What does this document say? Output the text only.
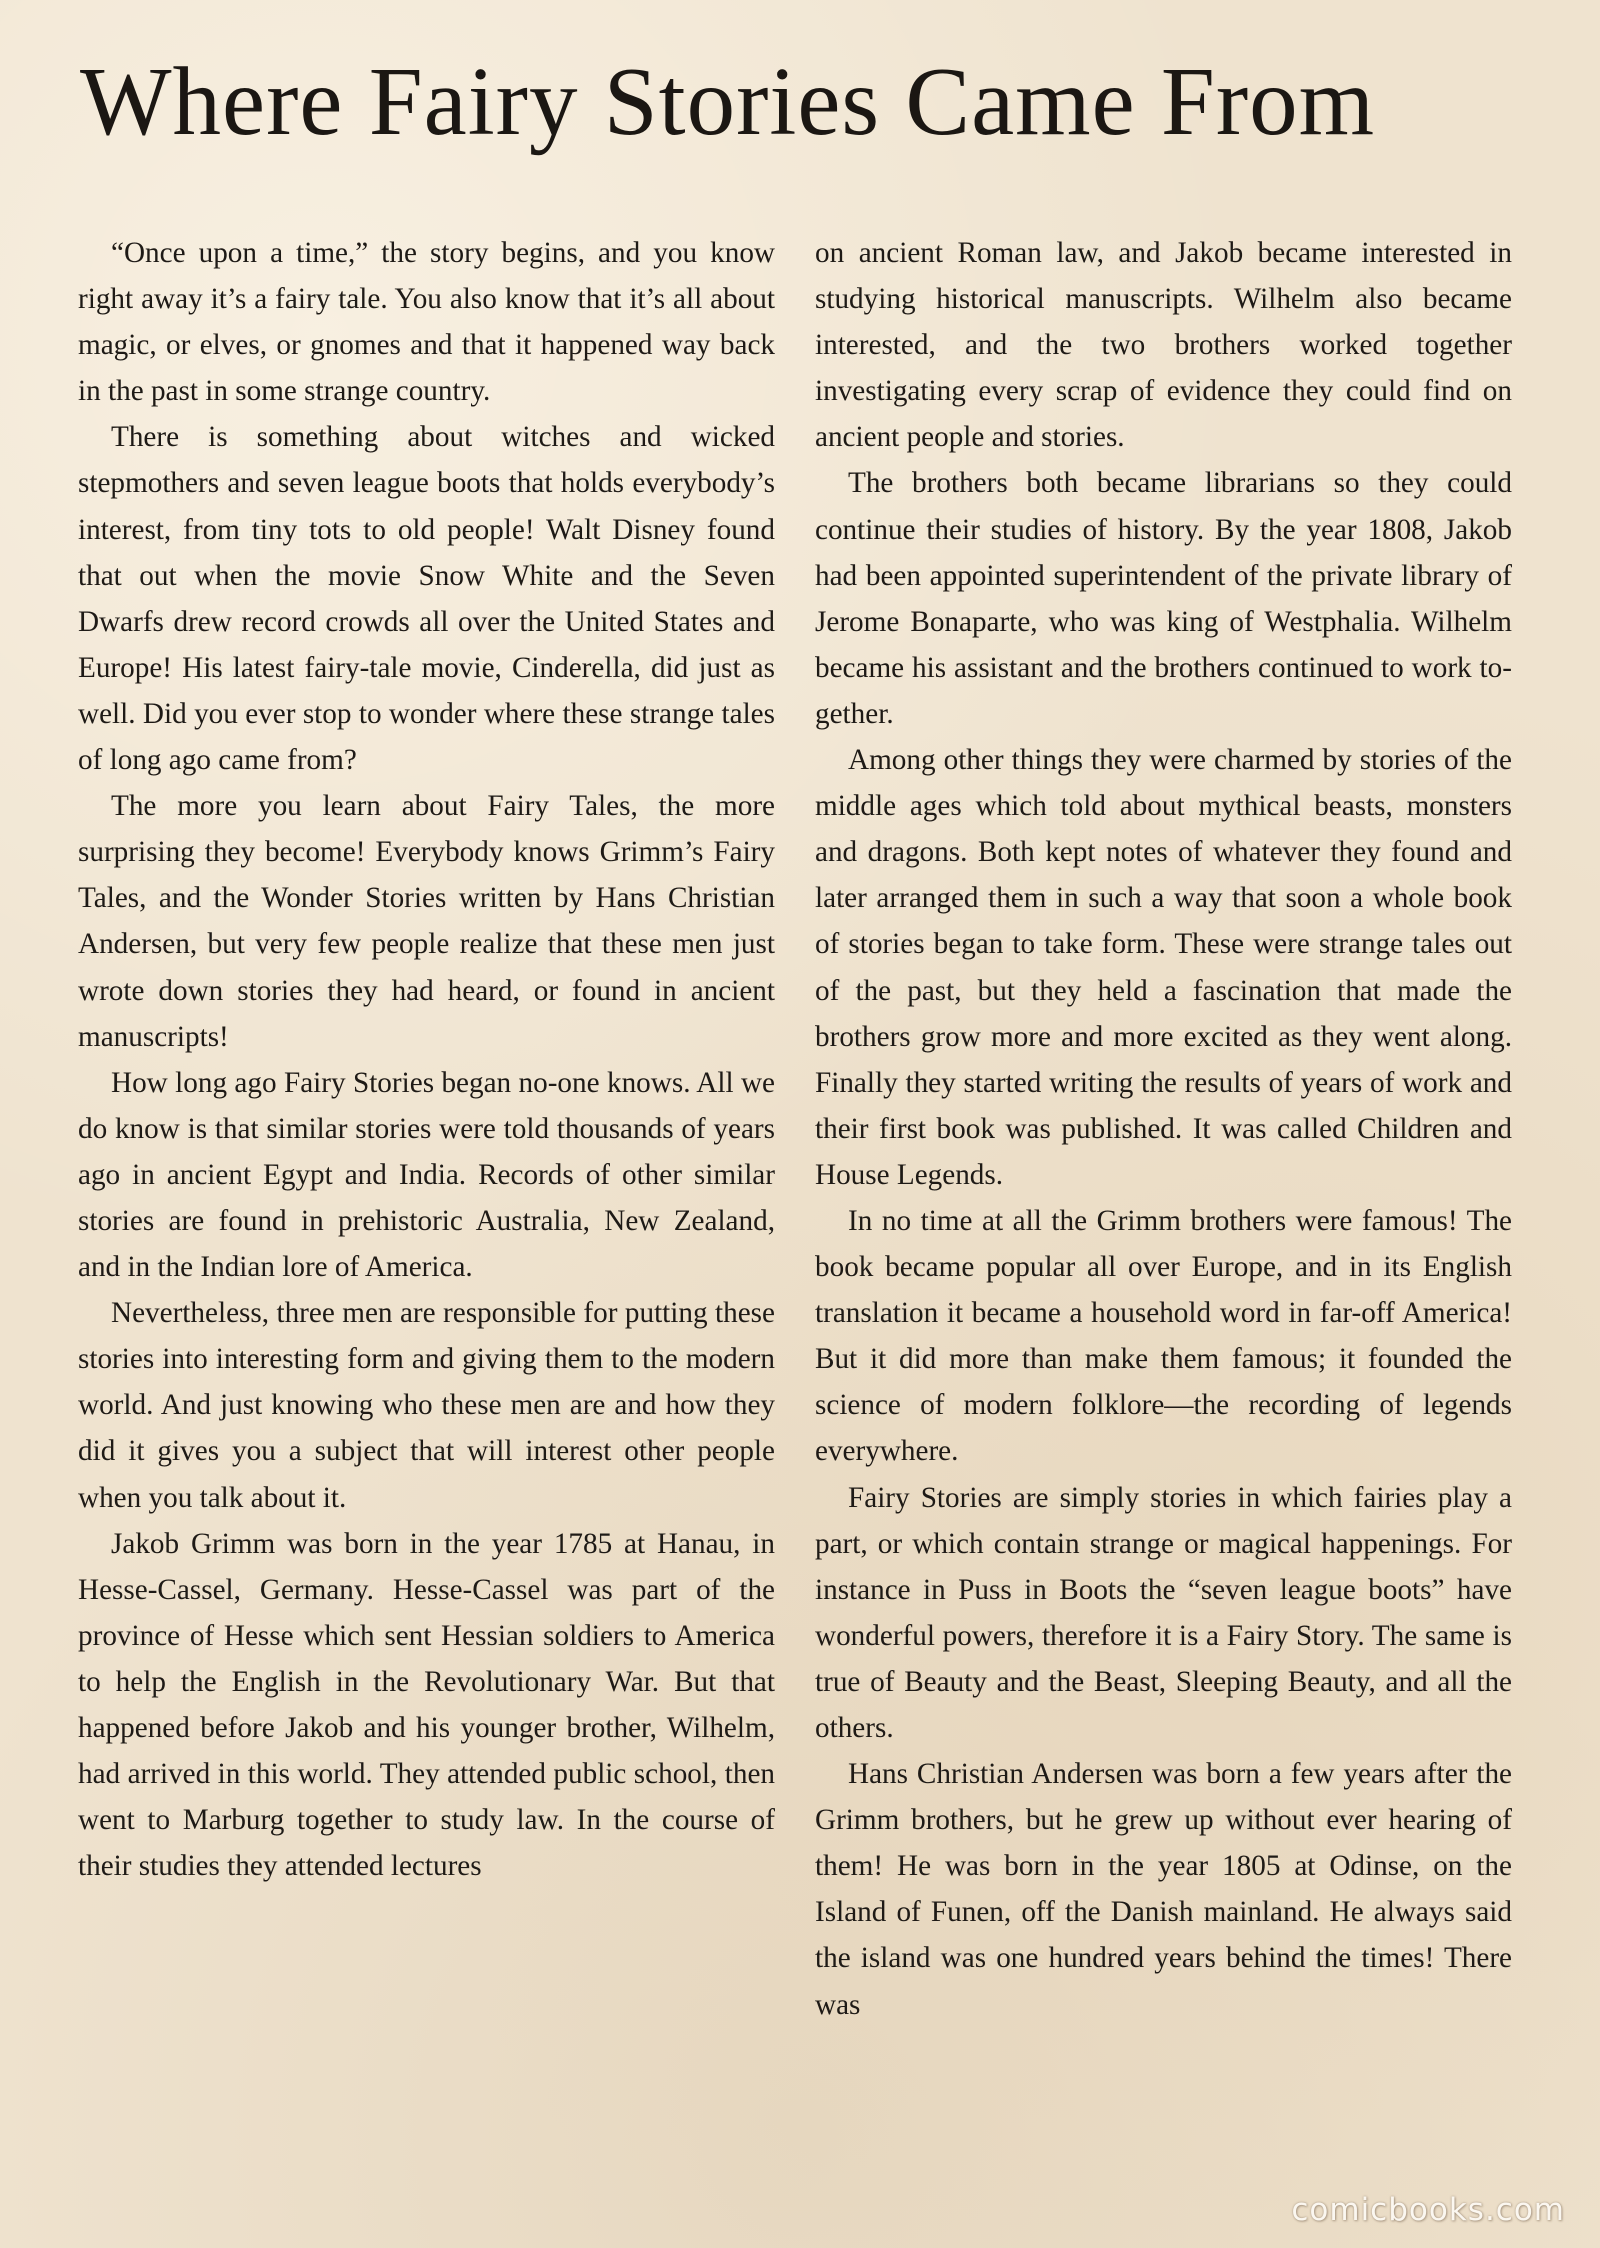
Where Fairy Stories Came From

“Once upon a time,” the story begins, and you know right away it’s a fairy tale. You also know that it’s all about magic, or elves, or gnomes and that it happened way back in the past in some strange country.

There is something about witches and wicked stepmothers and seven league boots that holds everybody’s interest, from tiny tots to old people! Walt Disney found that out when the movie Snow White and the Seven Dwarfs drew record crowds all over the United States and Europe! His latest fairy-tale movie, Cinderella, did just as well. Did you ever stop to wonder where these strange tales of long ago came from?

The more you learn about Fairy Tales, the more surprising they become! Everybody knows Grimm’s Fairy Tales, and the Wonder Stories written by Hans Christian Andersen, but very few people realize that these men just wrote down stories they had heard, or found in ancient manuscripts!

How long ago Fairy Stories began no-one knows. All we do know is that similar stories were told thousands of years ago in ancient Egypt and India. Records of other similar stories are found in prehistoric Australia, New Zealand, and in the Indian lore of America.

Nevertheless, three men are responsible for putting these stories into interesting form and giving them to the modern world. And just knowing who these men are and how they did it gives you a subject that will interest other people when you talk about it.

Jakob Grimm was born in the year 1785 at Hanau, in Hesse-Cassel, Germany. Hesse-Cassel was part of the province of Hesse which sent Hessian soldiers to America to help the English in the Revolutionary War. But that happened before Jakob and his younger brother, Wilhelm, had arrived in this world. They attended public school, then went to Marburg together to study law. In the course of their studies they attended lectures

on ancient Roman law, and Jakob became interested in studying historical manuscripts. Wilhelm also became interested, and the two brothers worked together investigating every scrap of evidence they could find on ancient people and stories.

The brothers both became librarians so they could continue their studies of history. By the year 1808, Jakob had been appointed superintendent of the private library of Jerome Bonaparte, who was king of Westphalia. Wilhelm became his assistant and the brothers continued to work together.

Among other things they were charmed by stories of the middle ages which told about mythical beasts, monsters and dragons. Both kept notes of whatever they found and later arranged them in such a way that soon a whole book of stories began to take form. These were strange tales out of the past, but they held a fascination that made the brothers grow more and more excited as they went along. Finally they started writing the results of years of work and their first book was published. It was called Children and House Legends.

In no time at all the Grimm brothers were famous! The book became popular all over Europe, and in its English translation it became a household word in far-off America! But it did more than make them famous; it founded the science of modern folklore—the recording of legends everywhere.

Fairy Stories are simply stories in which fairies play a part, or which contain strange or magical happenings. For instance in Puss in Boots the “seven league boots” have wonderful powers, therefore it is a Fairy Story. The same is true of Beauty and the Beast, Sleeping Beauty, and all the others.

Hans Christian Andersen was born a few years after the Grimm brothers, but he grew up without ever hearing of them! He was born in the year 1805 at Odinse, on the Island of Funen, off the Danish mainland. He always said the island was one hundred years behind the times! There was

comicbooks.com
